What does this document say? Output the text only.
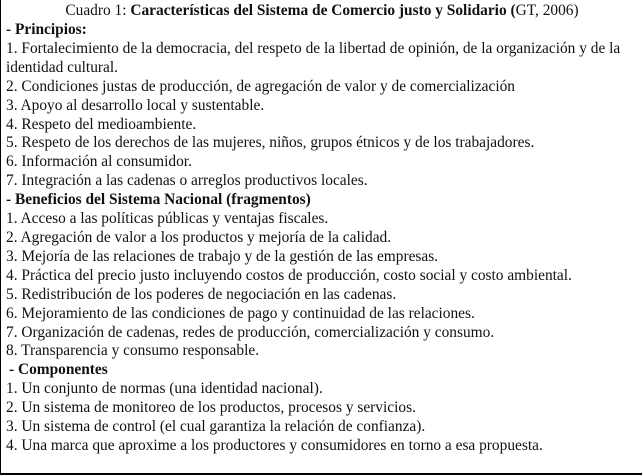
Cuadro 1: Características del Sistema de Comercio justo y Solidario (GT, 2006)
- Principios:
1. Fortalecimiento de la democracia, del respeto de la libertad de opinión, de la organización y de la identidad cultural.
2. Condiciones justas de producción, de agregación de valor y de comercialización
3. Apoyo al desarrollo local y sustentable.
4. Respeto del medioambiente.
5. Respeto de los derechos de las mujeres, niños, grupos étnicos y de los trabajadores.
6. Información al consumidor.
7. Integración a las cadenas o arreglos productivos locales.
- Beneficios del Sistema Nacional (fragmentos)
1. Acceso a las políticas públicas y ventajas fiscales.
2. Agregación de valor a los productos y mejoría de la calidad.
3. Mejoría de las relaciones de trabajo y de la gestión de las empresas.
4. Práctica del precio justo incluyendo costos de producción, costo social y costo ambiental.
5. Redistribución de los poderes de negociación en las cadenas.
6. Mejoramiento de las condiciones de pago y continuidad de las relaciones.
7. Organización de cadenas, redes de producción, comercialización y consumo.
8. Transparencia y consumo responsable.
- Componentes
1. Un conjunto de normas (una identidad nacional).
2. Un sistema de monitoreo de los productos, procesos y servicios.
3. Un sistema de control (el cual garantiza la relación de confianza).
4. Una marca que aproxime a los productores y consumidores en torno a esa propuesta.
